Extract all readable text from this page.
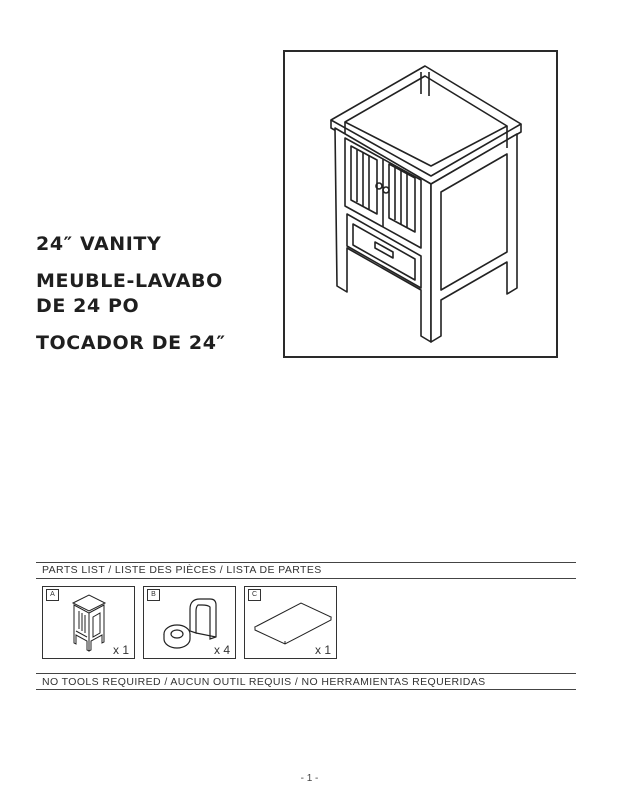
24″ VANITY
MEUBLE-LAVABO
DE 24 PO
TOCADOR DE 24″
PARTS LIST / LISTE DES PIÈCES / LISTA DE PARTES
A
x 1
B
x 4
C
x 1
NO TOOLS REQUIRED / AUCUN OUTIL REQUIS / NO HERRAMIENTAS REQUERIDAS
- 1 -
